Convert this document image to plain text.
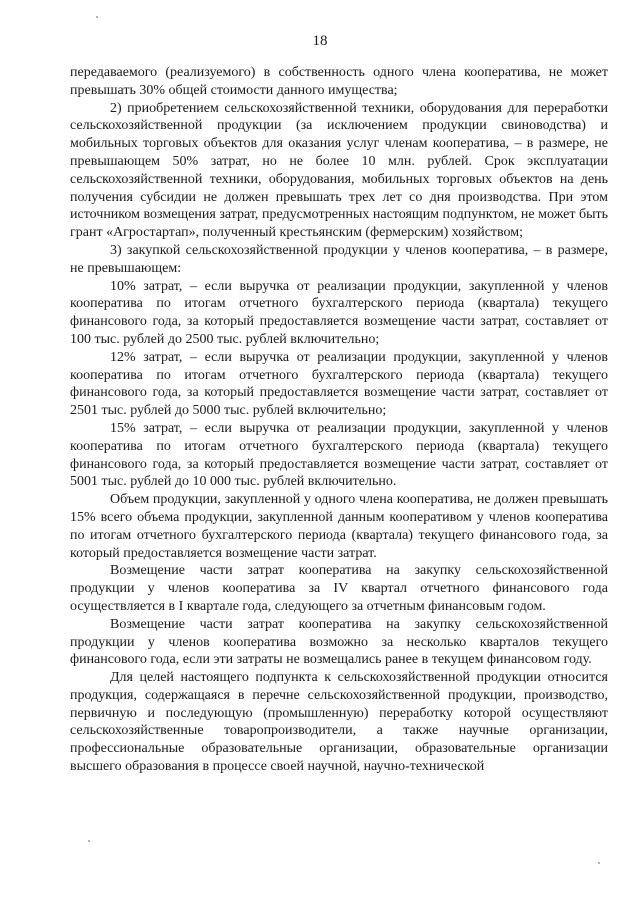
18

передаваемого (реализуемого) в собственность одного члена кооператива, не может превышать 30% общей стоимости данного имущества;

2) приобретением сельскохозяйственной техники, оборудования для переработки сельскохозяйственной продукции (за исключением продукции свиноводства) и мобильных торговых объектов для оказания услуг членам кооператива, – в размере, не превышающем 50% затрат, но не более 10 млн. рублей. Срок эксплуатации сельскохозяйственной техники, оборудования, мобильных торговых объектов на день получения субсидии не должен превышать трех лет со дня производства. При этом источником возмещения затрат, предусмотренных настоящим подпунктом, не может быть грант «Агростартап», полученный крестьянским (фермерским) хозяйством;

3) закупкой сельскохозяйственной продукции у членов кооператива, – в размере, не превышающем:

10% затрат, – если выручка от реализации продукции, закупленной у членов кооператива по итогам отчетного бухгалтерского периода (квартала) текущего финансового года, за который предоставляется возмещение части затрат, составляет от 100 тыс. рублей до 2500 тыс. рублей включительно;

12% затрат, – если выручка от реализации продукции, закупленной у членов кооператива по итогам отчетного бухгалтерского периода (квартала) текущего финансового года, за который предоставляется возмещение части затрат, составляет от 2501 тыс. рублей до 5000 тыс. рублей включительно;

15% затрат, – если выручка от реализации продукции, закупленной у членов кооператива по итогам отчетного бухгалтерского периода (квартала) текущего финансового года, за который предоставляется возмещение части затрат, составляет от 5001 тыс. рублей до 10 000 тыс. рублей включительно.

Объем продукции, закупленной у одного члена кооператива, не должен превышать 15% всего объема продукции, закупленной данным кооперативом у членов кооператива по итогам отчетного бухгалтерского периода (квартала) текущего финансового года, за который предоставляется возмещение части затрат.

Возмещение части затрат кооператива на закупку сельскохозяйственной продукции у членов кооператива за IV квартал отчетного финансового года осуществляется в I квартале года, следующего за отчетным финансовым годом.

Возмещение части затрат кооператива на закупку сельскохозяйственной продукции у членов кооператива возможно за несколько кварталов текущего финансового года, если эти затраты не возмещались ранее в текущем финансовом году.

Для целей настоящего подпункта к сельскохозяйственной продукции относится продукция, содержащаяся в перечне сельскохозяйственной продукции, производство, первичную и последующую (промышленную) переработку которой осуществляют сельскохозяйственные товаропроизводители, а также научные организации, профессиональные образовательные организации, образовательные организации высшего образования в процессе своей научной, научно-технической
